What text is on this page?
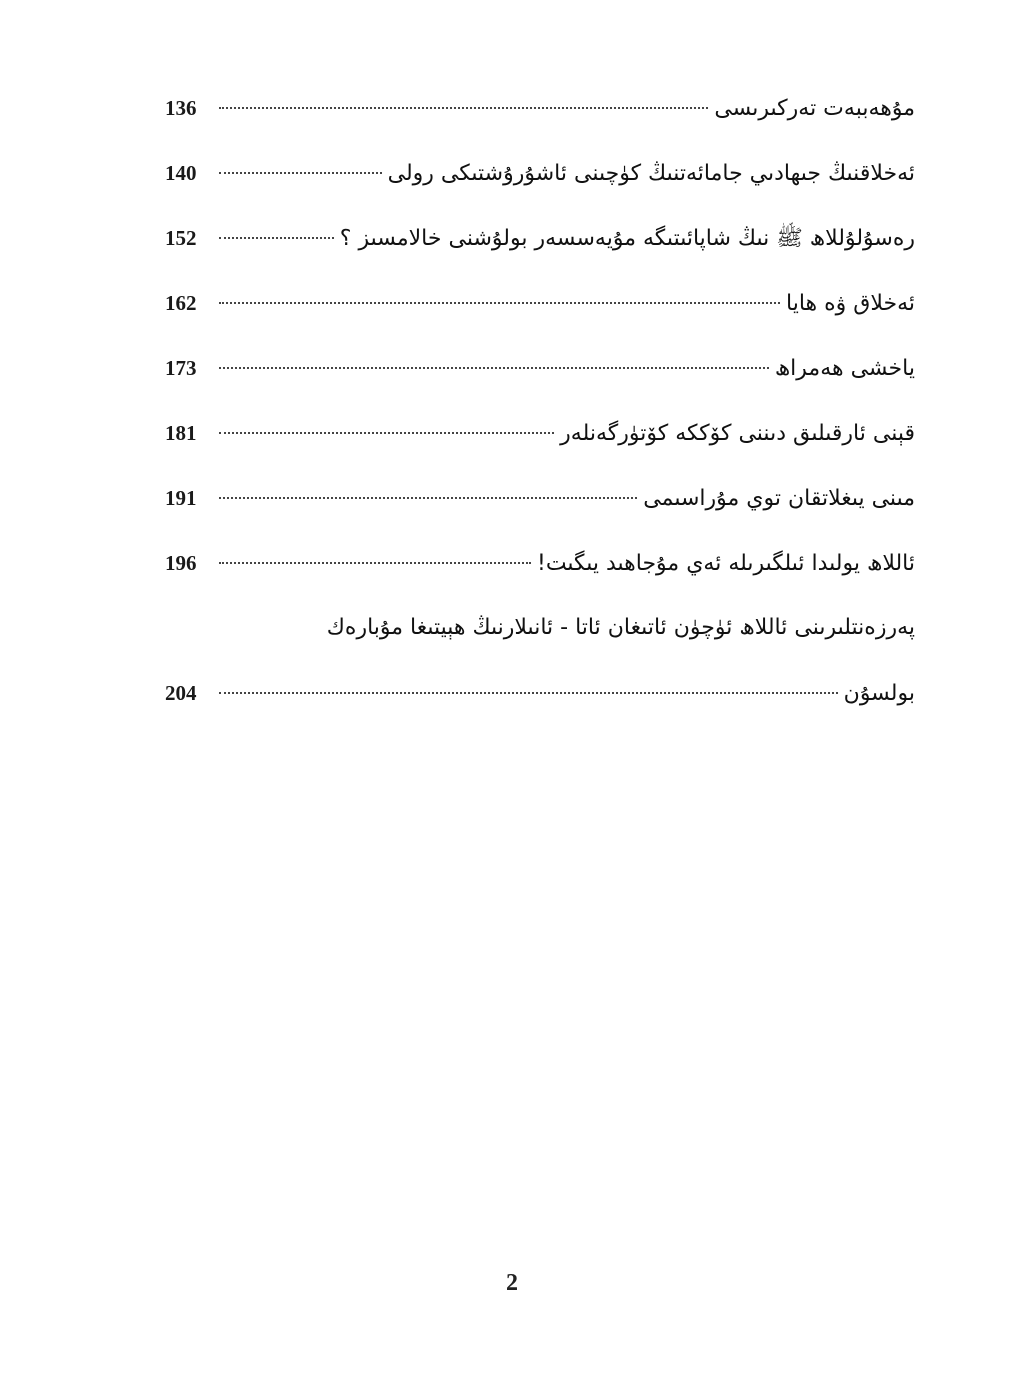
136	مۇھەببەت تەركىرىسى
140	ئەخلاقنىڭ جىھادىي جامائەتنىڭ كۈچىنى ئاشۇرۇشتىكى رولى
152	رەسۇلۇللاھ ﷺ نىڭ شاپائىتىگە مۇيەسسەر بولۇشنى خالامسىز ؟
162	ئەخلاق ۋە ھايا
173	ياخشى ھەمراھ
181	قېنى ئارقىلىق دىننى كۆككە كۆتۈرگەنلەر
191	مىنى يىغلاتقان توي مۇراسىمى
196	ئاللاھ يولىدا ئىلگىرىلە ئەي مۇجاھىد يىگىت!
پەرزەنتلىرىنى ئاللاھ ئۈچۈن ئاتىغان ئاتا - ئانىلارنىڭ ھېيتىغا مۇبارەك
204	بولسۇن
2
